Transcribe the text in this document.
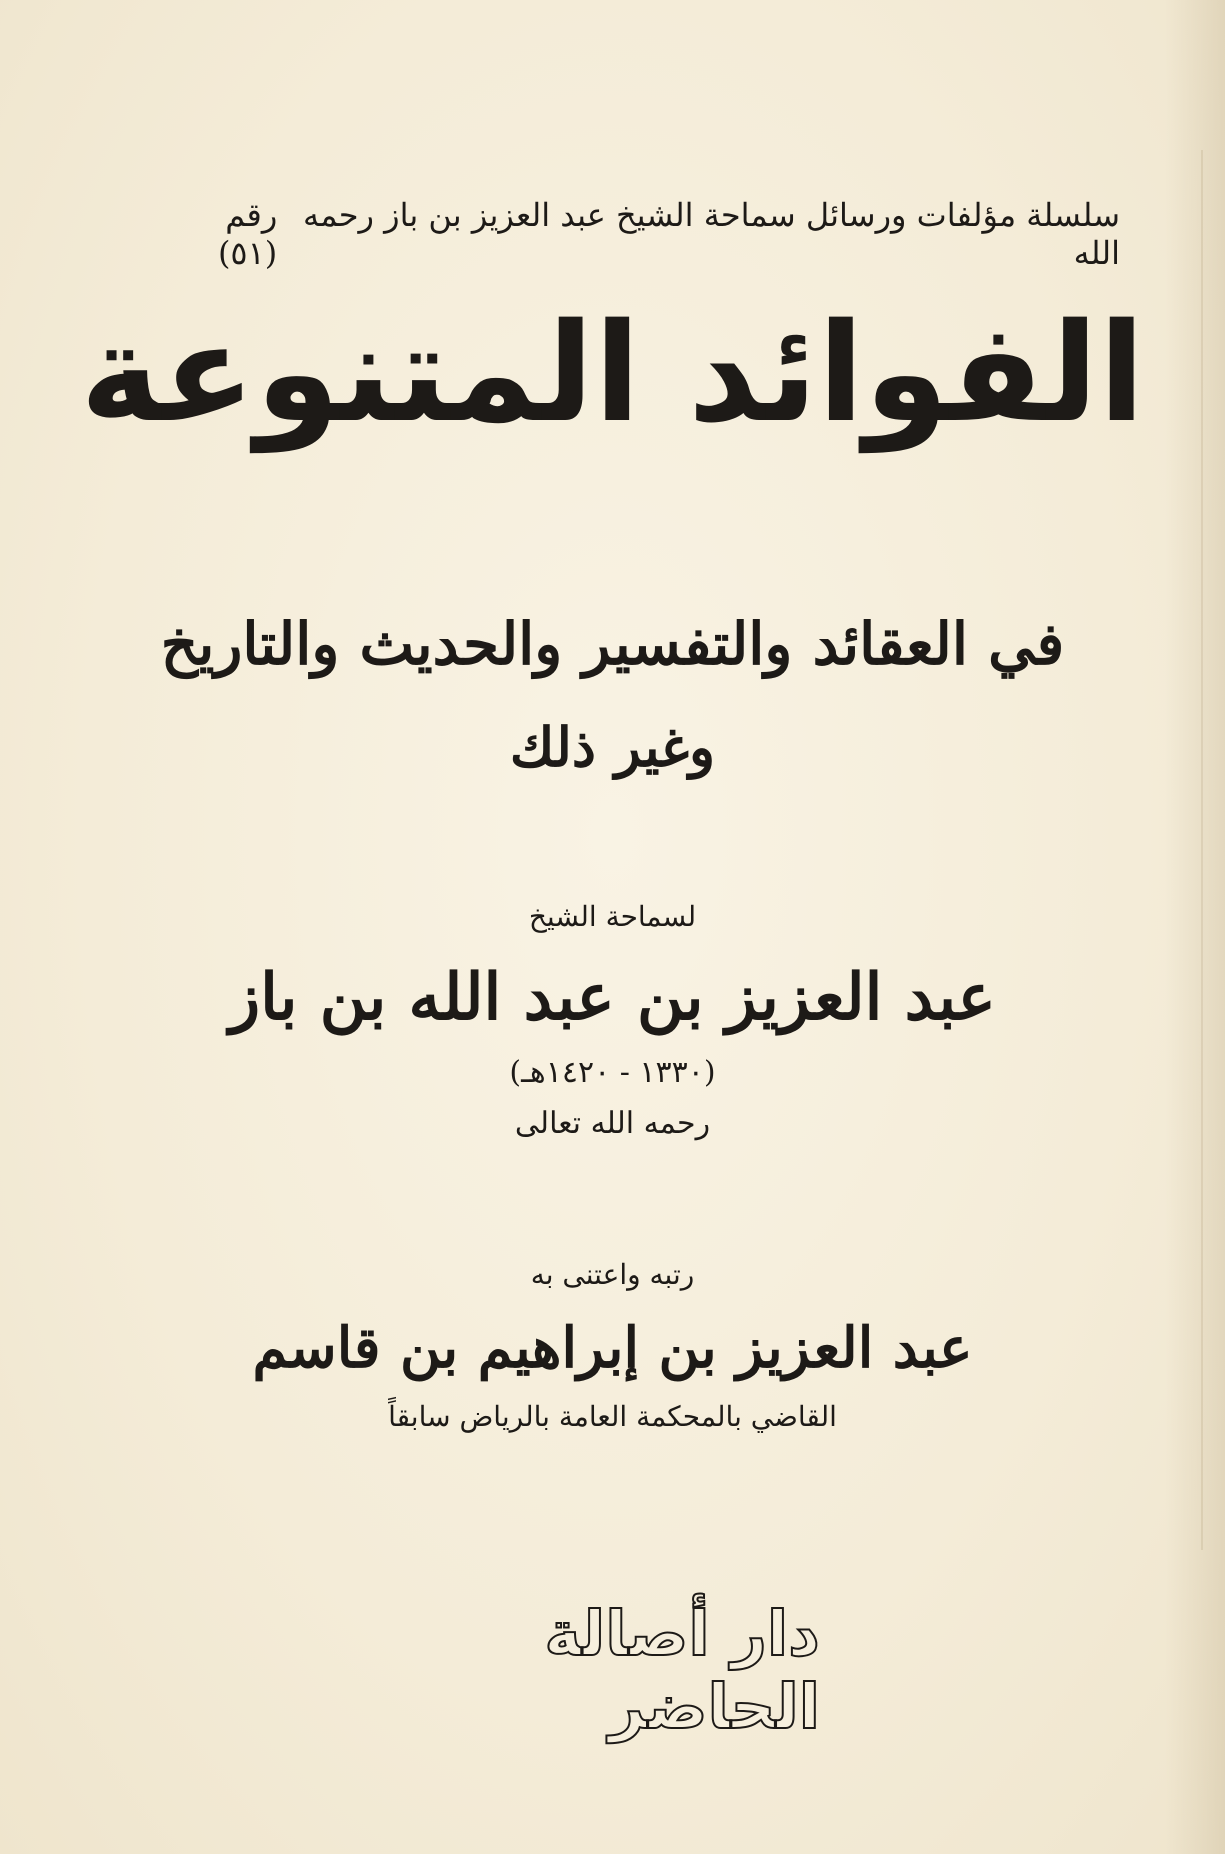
سلسلة مؤلفات ورسائل سماحة الشيخ عبد العزيز بن باز رحمه الله
رقم (٥١)
الفوائد المتنوعة
في العقائد والتفسير والحديث والتاريخ
وغير ذلك
لسماحة الشيخ
عبد العزيز بن عبد الله بن باز
(١٣٣٠ - ١٤٢٠هـ)
رحمه الله تعالى
رتبه واعتنى به
عبد العزيز بن إبراهيم بن قاسم
القاضي بالمحكمة العامة بالرياض سابقاً
دار أصالة الحاضر
